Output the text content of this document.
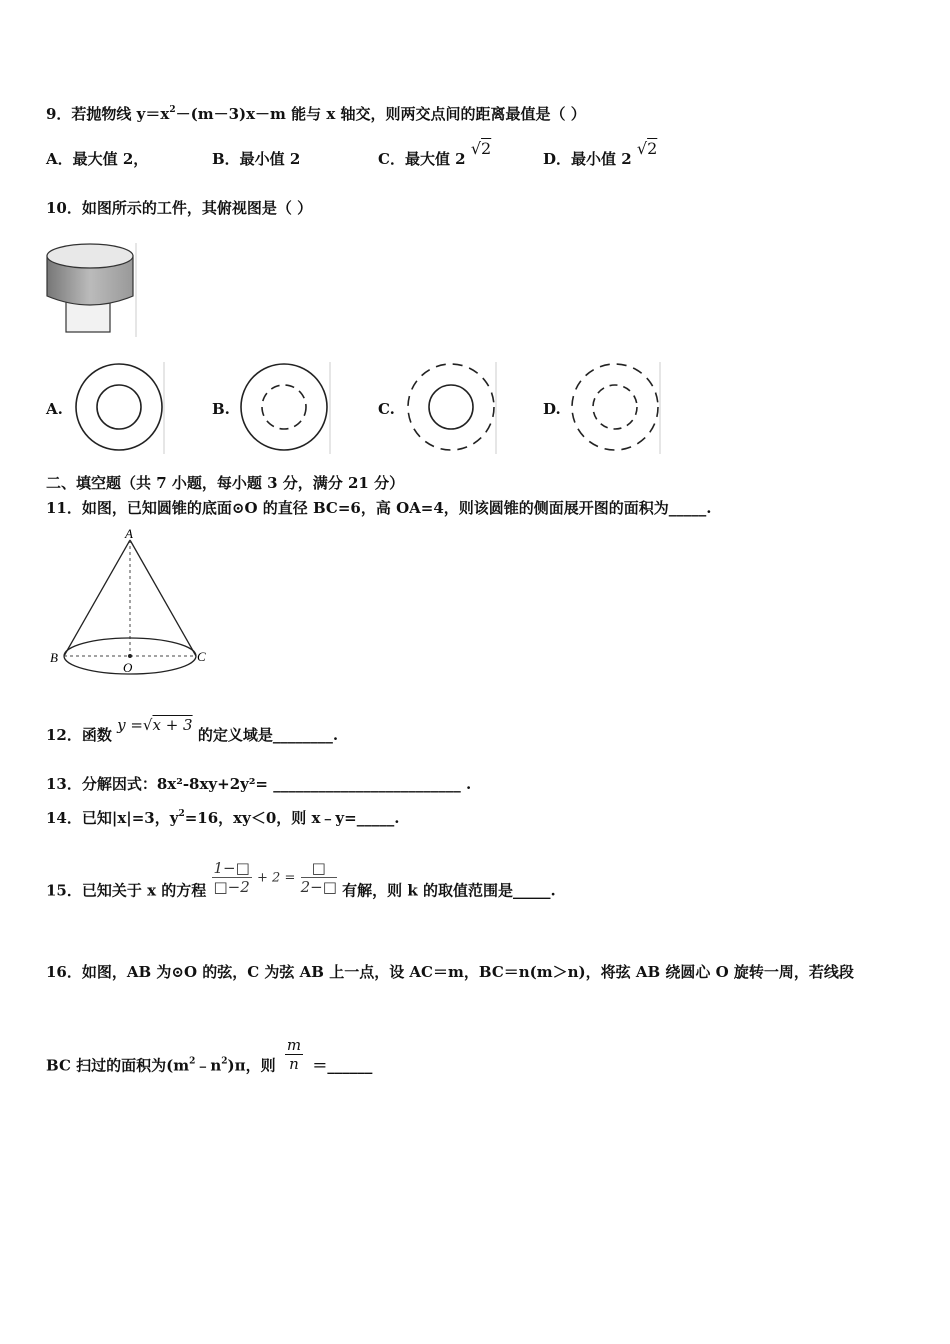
9．若抛物线 $y=x^2-(m-3)x-m$ 能与 x 轴交，则两交点间的距离最值是（ ）
A．最大值 2，	B．最小值 2	C．最大值 2 √2
D．最小值 2 √2
10．如图所示的工件，其俯视图是（ ）
A.	B.	C.	D.
二、填空题（共 7 小题，每小题 3 分，满分 21 分）
11．如图，已知圆锥的底面⊙O 的直径 BC=6，高 OA=4，则该圆锥的侧面展开图的面积为_____.
A
B	C
O
12．函数 y =√x + 3 的定义域是________.
13．分解因式：8x²-8xy+2y²= _________________________ .
14．已知|x|=3，$y^2=16$，xy＜0，则 x﹣y=_____.
15．已知关于 x 的方程 $\frac{1-□}{□-2} + 2 = \frac{□}{2-□}$ 有解，则 k 的取值范围是_____.
16．如图，AB 为⊙O 的弦，C 为弦 AB 上一点，设 AC＝m，BC＝n(m＞n)，将弦 AB 绕圆心 O 旋转一周，若线段
BC 扫过的面积为$(m^2﹣n^2)\pi$，则 $\frac{m}{n}$ ＝______
